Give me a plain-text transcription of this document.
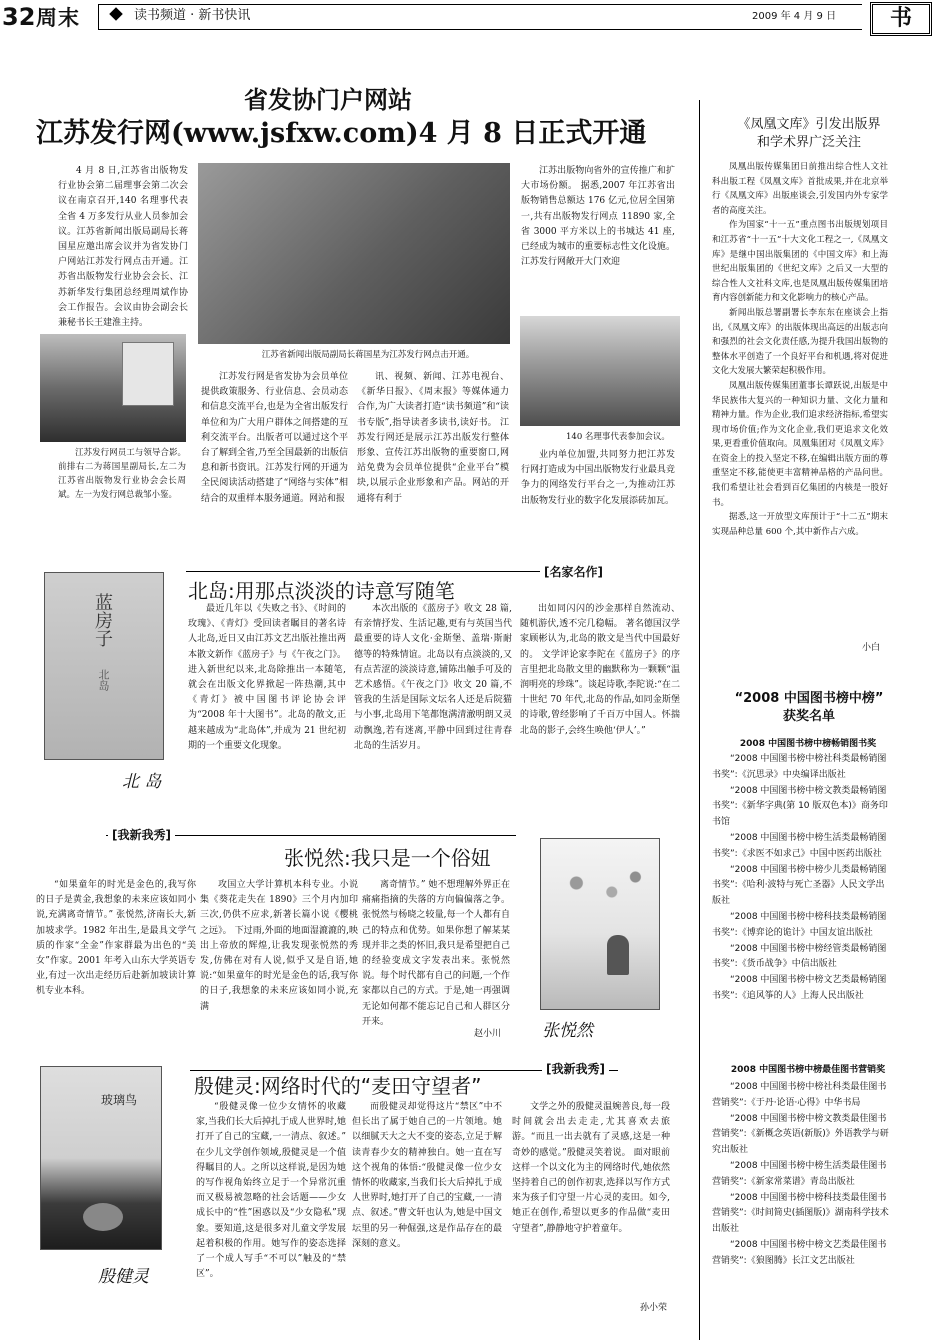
32 周末	读书频道 · 新书快讯	2009 年 4 月 9 日	书
省发协门户网站
江苏发行网(www.jsfxw.com)4 月 8 日正式开通

4 月 8 日,江苏省出版物发行业协会第二届理事会第二次会议在南京召开,140 名理事代表全省 4 万多发行从业人员参加会议。江苏省新闻出版局副局长蒋国星应邀出席会议并为省发协门户网站江苏发行网点击开通。江苏省出版物发行业协会会长、江苏新华发行集团总经理周斌作协会工作报告。会议由协会副会长兼秘书长王建淮主持。

江苏发行网员工与领导合影。前排右二为蒋国星副局长,左二为江苏省出版物发行业协会会长周斌。左一为发行网总裁邹小鉴。

江苏省新闻出版局副局长蒋国星为江苏发行网点击开通。

江苏发行网是省发协为会员单位提供政策服务、行业信息、会员动态和信息交流平台,也是为全省出版发行单位和为广大用户群体之间搭建的互利交流平台。出版者可以通过这个平台了解到全省,乃至全国最新的出版信息和新书资讯。江苏发行网的开通为全民阅读活动搭建了“网络与实体”相结合的双重样本服务通道。网站和报

讯、视频、新闻、江苏电视台、《新华日报》、《周末报》等媒体通力合作,为广大读者打造“读书频道”和“读书专版”,指导读者多读书,读好书。 江苏发行网还是展示江苏出版发行整体形象、宣传江苏出版物的重要窗口,网站免费为会员单位提供“企业平台”模块,以展示企业形象和产品。网站的开通将有利于

江苏出版物向省外的宣传推广和扩大市场份额。 据悉,2007 年江苏省出版物销售总额达 176 亿元,位居全国第一,共有出版物发行网点 11890 家,全省 3000 平方米以上的书城达 41 座,已经成为城市的重要标志性文化设施。江苏发行网敞开大门欢迎

140 名理事代表参加会议。

业内单位加盟,共同努力把江苏发行网打造成为中国出版物发行业最具竞争力的网络发行平台之一,为推动江苏出版物发行业的数字化发展添砖加瓦。

《凤凰文库》引发出版界
和学术界广泛关注

凤凰出版传媒集团日前推出综合性人文社科出版工程《凤凰文库》首批成果,并在北京举行《凤凰文库》出版座谈会,引发国内外专家学者的高度关注。

作为国家“十一五”重点图书出版规划项目和江苏省“十一五”十大文化工程之一,《凤凰文库》是继中国出版集团的《中国文库》和上海世纪出版集团的《世纪文库》之后又一大型的综合性人文社科文库,也是凤凰出版传媒集团培育内容创新能力和文化影响力的核心产品。

新闻出版总署副署长李东东在座谈会上指出,《凤凰文库》的出版体现出高远的出版志向和强烈的社会文化责任感,为提升我国出版物的整体水平创造了一个良好平台和机遇,将对促进文化大发展大繁荣起积极作用。

凤凰出版传媒集团董事长谭跃说,出版是中华民族伟大复兴的一种知识力量、文化力量和精神力量。作为企业,我们追求经济指标,希望实现市场价值;作为文化企业,我们更追求文化效果,更看重价值取向。凤凰集团对《凤凰文库》在资金上的投入坚定不移,在编辑出版方面的尊重坚定不移,能使更丰富精神品格的产品问世。我们希望让社会看到百亿集团的内核是一股好书。

据悉,这一开放型文库预计于“十二五”期末实现品种总量 600 个,其中新作占六成。

小白
[名家名作]
北岛:用那点淡淡的诗意写随笔
蓝房子
北岛
北 岛

最近几年以《失败之书》、《时间的玫瑰》、《青灯》受回读者瞩目的著名诗人北岛,近日又由江苏文艺出版社推出两本散文新作《蓝房子》与《午夜之门》。 进入新世纪以来,北岛除推出一本随笔,就会在出版文化界掀起一阵热潮,其中《青灯》被中国图书评论协会评为“2008 年十大图书”。北岛的散文,正越来越成为“北岛体”,并成为 21 世纪初期的一个重要文化现象。

本次出版的《蓝房子》收文 28 篇,有亲情抒发、生活记趣,更有与英国当代最重要的诗人文化·金斯堡、盖瑞·斯耐德等的特殊情谊。北岛以有点淡淡的,又有点苦涩的淡淡诗意,铺陈出触手可及的艺术感悟。《午夜之门》收文 20 篇,不管我的生活是国际文坛名人还是后院猫与小事,北岛用下笔都饱满清澈明朗又灵动飘逸,若有迷离,平静中回到过往青春北岛的生活岁月。

出如同闪闪的沙金那样自然流动、随机游伏,透不完几稳幅。 著名德国汉学家顾彬认为,北岛的散文是当代中国最好的。 文学评论家李陀在《蓝房子》的序言里把北岛散文里的幽默称为一颗颗“温润明亮的珍珠”。谈起诗歌,李陀说:“在二十世纪 70 年代,北岛的作品,如同金斯堡的诗歌,曾经影响了千百万中国人。怀揣北岛的影子,会终生唤他‘伊人’。”

[我新我秀]
张悦然:我只是一个俗妞

“如果童年的时光是金色的,我写你的日子是黄金,我想象的未来应该如同小说,充满离奇情节。” 张悦然,济南长大,新加坡求学。1982 年出生,是最具文学气质的作家“全金”作家群最为出色的“美女”作家。2001 年考入山东大学英语专业,有过一次出走经历后赴新加坡读计算机专业本科。

攻国立大学计算机本科专业。小说集《葵花走失在 1890》三个月内加印三次,仍供不应求,新著长篇小说《樱桃之远》。 下过雨,外面的地面湿漉漉的,映出上帝放的辉煌,让我发现张悦然的秀发,仿佛在对有人说,似乎又是自语,她说:“如果童年的时光是金色的话,我写你的日子,我想象的未来应该如同小说,充满

离奇情节。” 她不想理解外界正在痛痛指摘的失落的方向偏偏落之争。张悦然与杨晓之较量,每一个人都有自己的特点和优势。如果你想了解某某现并非之类的怀旧,我只是希望把自己的经验变成文字发表出来。张悦然说。每个时代都有自己的问题,一个作家都以自己的方式。于是,她一再强调无论如何都不能忘记自己和人群区分开来。

赵小川 张悦然
[我新我秀]
殷健灵:网络时代的“麦田守望者”
玻璃鸟
殷健灵

“殷健灵像一位少女情怀的收藏家,当我们长大后掉扎于成人世界时,她打开了自己的宝藏,一一清点、叙述。” 在少儿文学创作领域,殷健灵是一个值得瞩目的人。之所以这样说,是因为她的写作视角始终立足于一个异常沉重而又极易被忽略的社会话题——少女成长中的“性”困惑以及“少女隐私”现象。要知道,这是很多对儿童文学发展起着积极的作用。她写作的姿态选择了一个成人写手“不可以”触及的“禁区”。

而殷健灵却觉得这片“禁区”中不但长出了属于她自己的一片领地。她以细腻天大之大不变的姿态,立足于解读青春少女的精神独白。她一直在写这个视角的体悟:“殷健灵像一位少女情怀的收藏家,当我们长大后掉扎于成人世界时,她打开了自己的宝藏,一一清点、叙述。”曹文轩也认为,她是中国文坛里的另一种倔强,这是作品存在的最深刻的意义。

文学之外的殷健灵温婉善良,每一段时间就会出去走走,尤其喜欢去旅游。“而且一出去就有了灵感,这是一种奇妙的感觉。”殷健灵笑着说。 面对眼前这样一个以文化为主的网络时代,她依然坚持着自己的创作初衷,选择以写作方式来为孩子们守望一片心灵的麦田。如今,她正在创作,希望以更多的作品做“麦田守望者”,静静地守护着童年。

孙小荣
“2008 中国图书榜中榜”
获奖名单
2008 中国图书榜中榜畅销图书奖
“2008 中国图书榜中榜社科类最畅销图书奖”:《沉思录》中央编译出版社
“2008 中国图书榜中榜文教类最畅销图书奖”:《新华字典(第 10 版双色本)》商务印书馆
“2008 中国图书榜中榜生活类最畅销图书奖”:《求医不如求己》中国中医药出版社
“2008 中国图书榜中榜少儿类最畅销图书奖”:《哈利·波特与死亡圣器》人民文学出版社
“2008 中国图书榜中榜科技类最畅销图书奖”:《博弈论的诡计》中国友谊出版社
“2008 中国图书榜中榜经管类最畅销图书奖”:《货币战争》中信出版社
“2008 中国图书榜中榜文艺类最畅销图书奖”:《追风筝的人》上海人民出版社
2008 中国图书榜中榜最佳图书营销奖
“2008 中国图书榜中榜社科类最佳图书营销奖”:《于丹·论语·心得》中华书局
“2008 中国图书榜中榜文教类最佳图书营销奖”:《新概念英语(新版)》外语教学与研究出版社
“2008 中国图书榜中榜生活类最佳图书营销奖”:《新家常菜谱》青岛出版社
“2008 中国图书榜中榜科技类最佳图书营销奖”:《时间简史(插图版)》湖南科学技术出版社
“2008 中国图书榜中榜文艺类最佳图书营销奖”:《狼图腾》长江文艺出版社
